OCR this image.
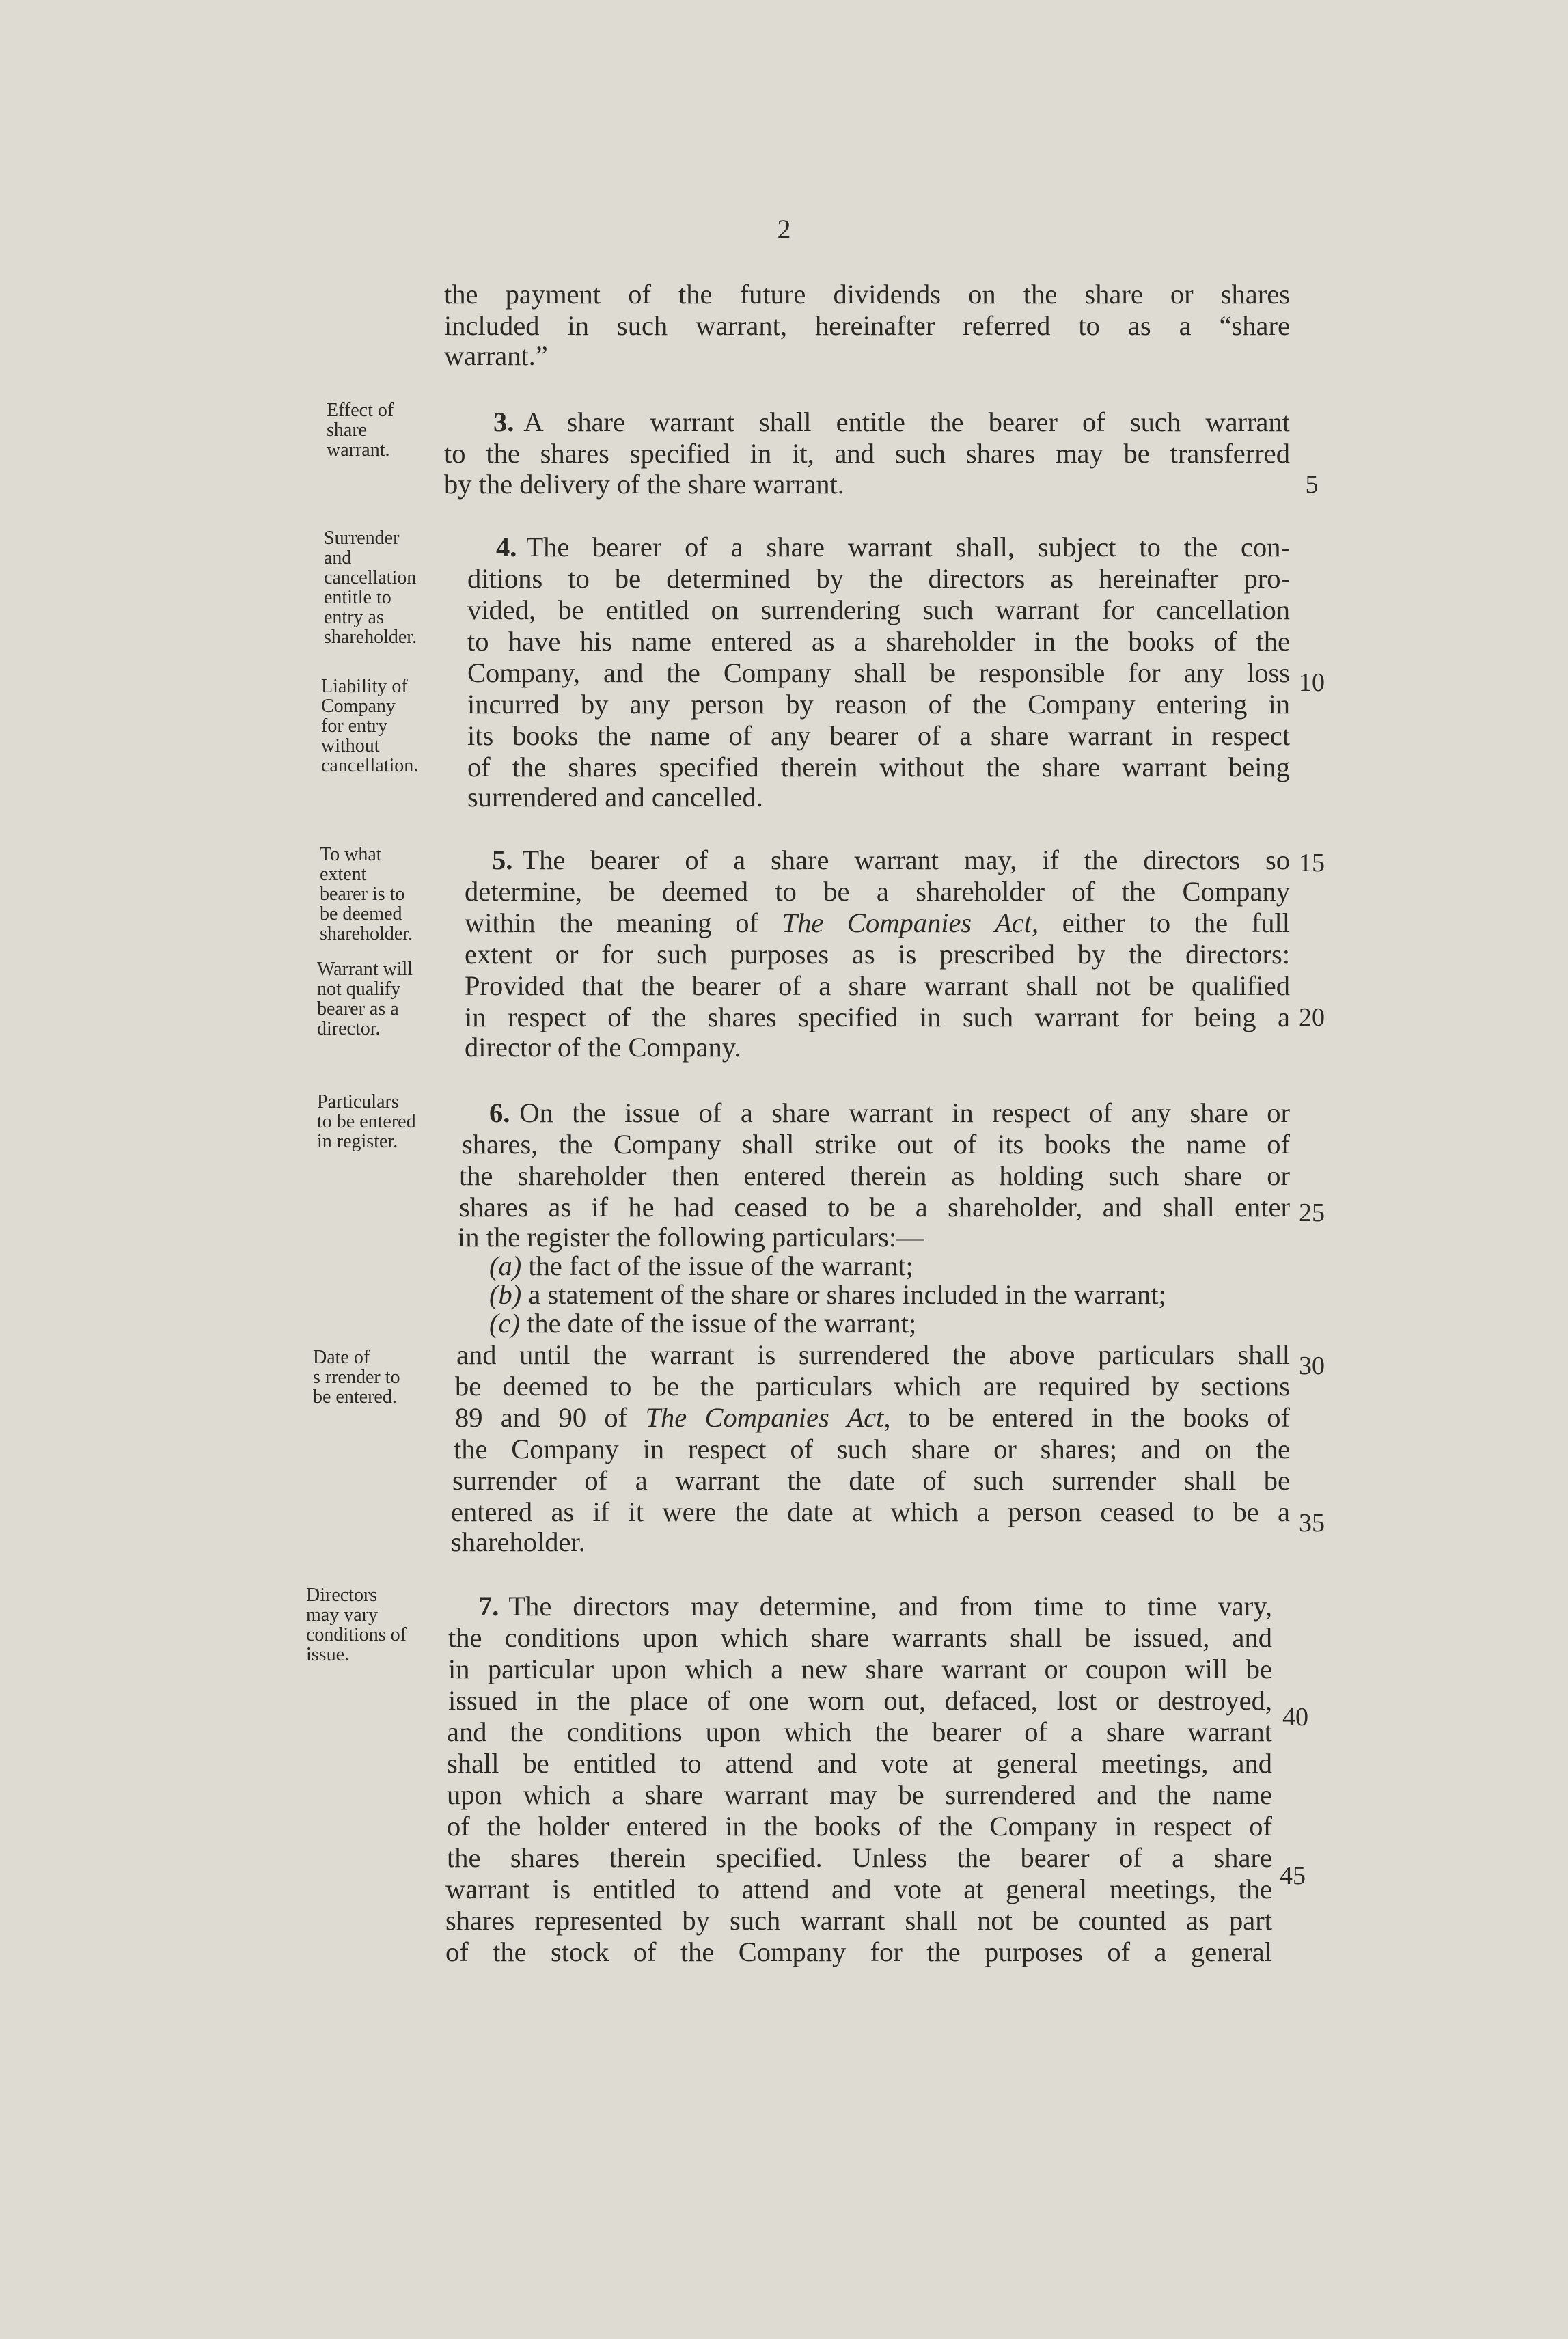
2
the payment of the future dividends on the share or shares
included in such warrant, hereinafter referred to as a “share
warrant.”
Effect of
share
warrant.
3. A share warrant shall entitle the bearer of such warrant
to the shares specified in it, and such shares may be transferred
by the delivery of the share warrant.	5
Surrender
and
cancellation
entitle to
entry as
shareholder.
Liability of
Company
for entry
without
cancellation.
4. The bearer of a share warrant shall, subject to the con-
ditions to be determined by the directors as hereinafter pro-
vided, be entitled on surrendering such warrant for cancellation
to have his name entered as a shareholder in the books of the
Company, and the Company shall be responsible for any loss 10
incurred by any person by reason of the Company entering in
its books the name of any bearer of a share warrant in respect
of the shares specified therein without the share warrant being
surrendered and cancelled.
To what
extent
bearer is to
be deemed
shareholder.
Warrant will
not qualify
bearer as a
director.
5. The bearer of a share warrant may, if the directors so 15
determine, be deemed to be a shareholder of the Company
within the meaning of The Companies Act, either to the full
extent or for such purposes as is prescribed by the directors:
Provided that the bearer of a share warrant shall not be qualified
in respect of the shares specified in such warrant for being a 20
director of the Company.
Particulars
to be entered
in register.
Date of
s rrender to
be entered.
6. On the issue of a share warrant in respect of any share or
shares, the Company shall strike out of its books the name of
the shareholder then entered therein as holding such share or
shares as if he had ceased to be a shareholder, and shall enter 25
in the register the following particulars:—
(a) the fact of the issue of the warrant;
(b) a statement of the share or shares included in the warrant;
(c) the date of the issue of the warrant;
and until the warrant is surrendered the above particulars shall 30
be deemed to be the particulars which are required by sections
89 and 90 of The Companies Act, to be entered in the books of
the Company in respect of such share or shares; and on the
surrender of a warrant the date of such surrender shall be
entered as if it were the date at which a person ceased to be a 35
shareholder.
Directors
may vary
conditions of
issue.
7. The directors may determine, and from time to time vary,
the conditions upon which share warrants shall be issued, and
in particular upon which a new share warrant or coupon will be
issued in the place of one worn out, defaced, lost or destroyed,
40
and the conditions upon which the bearer of a share warrant
shall be entitled to attend and vote at general meetings, and
upon which a share warrant may be surrendered and the name
of the holder entered in the books of the Company in respect of
the shares therein specified. Unless the bearer of a share
45
warrant is entitled to attend and vote at general meetings, the
shares represented by such warrant shall not be counted as part
of the stock of the Company for the purposes of a general
